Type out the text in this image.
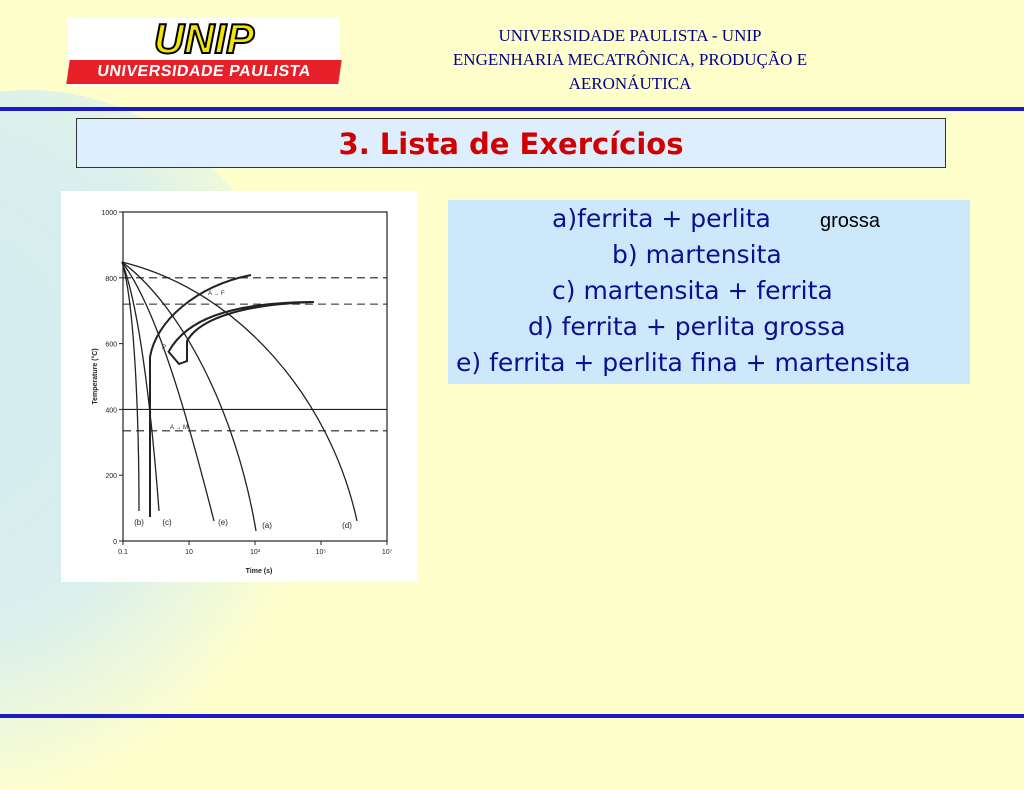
UNIP
UNIVERSIDADE PAULISTA
UNIVERSIDADE PAULISTA - UNIP
ENGENHARIA MECATRÔNICA, PRODUÇÃO E
AERONÁUTICA
3. Lista de Exercícios
0
200
400
600
800
1000
0.1	10	10³	10⁵	10⁷
Time (s)
Temperature (°C)
(b) (c)	(e)	(a)	(d)
A → F
P
A → M
a)ferrita + perlita
b) martensita
c) martensita + ferrita
d) ferrita + perlita grossa
e) ferrita + perlita fina + martensita
grossa
